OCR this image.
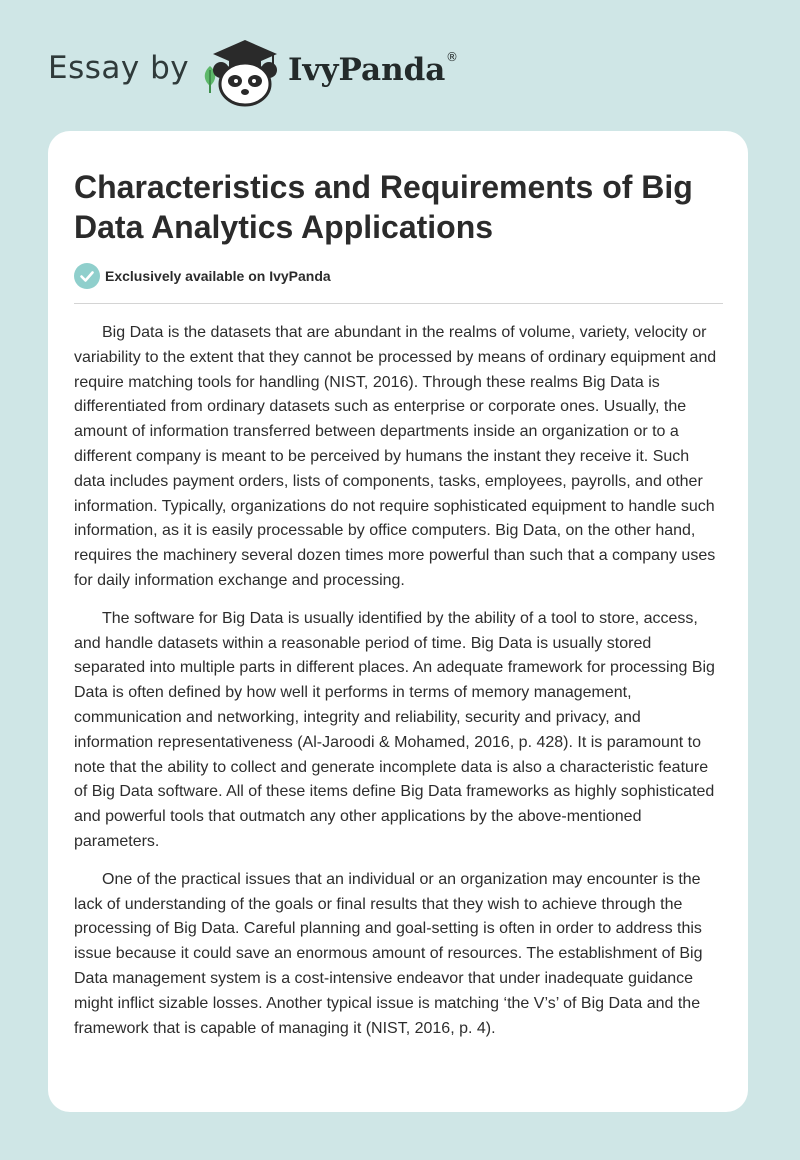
Essay by	IvyPanda ®
Characteristics and Requirements of Big Data Analytics Applications
Exclusively available on IvyPanda

Big Data is the datasets that are abundant in the realms of volume, variety, velocity or variability to the extent that they cannot be processed by means of ordinary equipment and require matching tools for handling (NIST, 2016). Through these realms Big Data is differentiated from ordinary datasets such as enterprise or corporate ones. Usually, the amount of information transferred between departments inside an organization or to a different company is meant to be perceived by humans the instant they receive it. Such data includes payment orders, lists of components, tasks, employees, payrolls, and other information. Typically, organizations do not require sophisticated equipment to handle such information, as it is easily processable by office computers. Big Data, on the other hand, requires the machinery several dozen times more powerful than such that a company uses for daily information exchange and processing.

The software for Big Data is usually identified by the ability of a tool to store, access, and handle datasets within a reasonable period of time. Big Data is usually stored separated into multiple parts in different places. An adequate framework for processing Big Data is often defined by how well it performs in terms of memory management, communication and networking, integrity and reliability, security and privacy, and information representativeness (Al-Jaroodi & Mohamed, 2016, p. 428). It is paramount to note that the ability to collect and generate incomplete data is also a characteristic feature of Big Data software. All of these items define Big Data frameworks as highly sophisticated and powerful tools that outmatch any other applications by the above-mentioned parameters.

One of the practical issues that an individual or an organization may encounter is the lack of understanding of the goals or final results that they wish to achieve through the processing of Big Data. Careful planning and goal-setting is often in order to address this issue because it could save an enormous amount of resources. The establishment of Big Data management system is a cost-intensive endeavor that under inadequate guidance might inflict sizable losses. Another typical issue is matching ‘the V’s’ of Big Data and the framework that is capable of managing it (NIST, 2016, p. 4).
